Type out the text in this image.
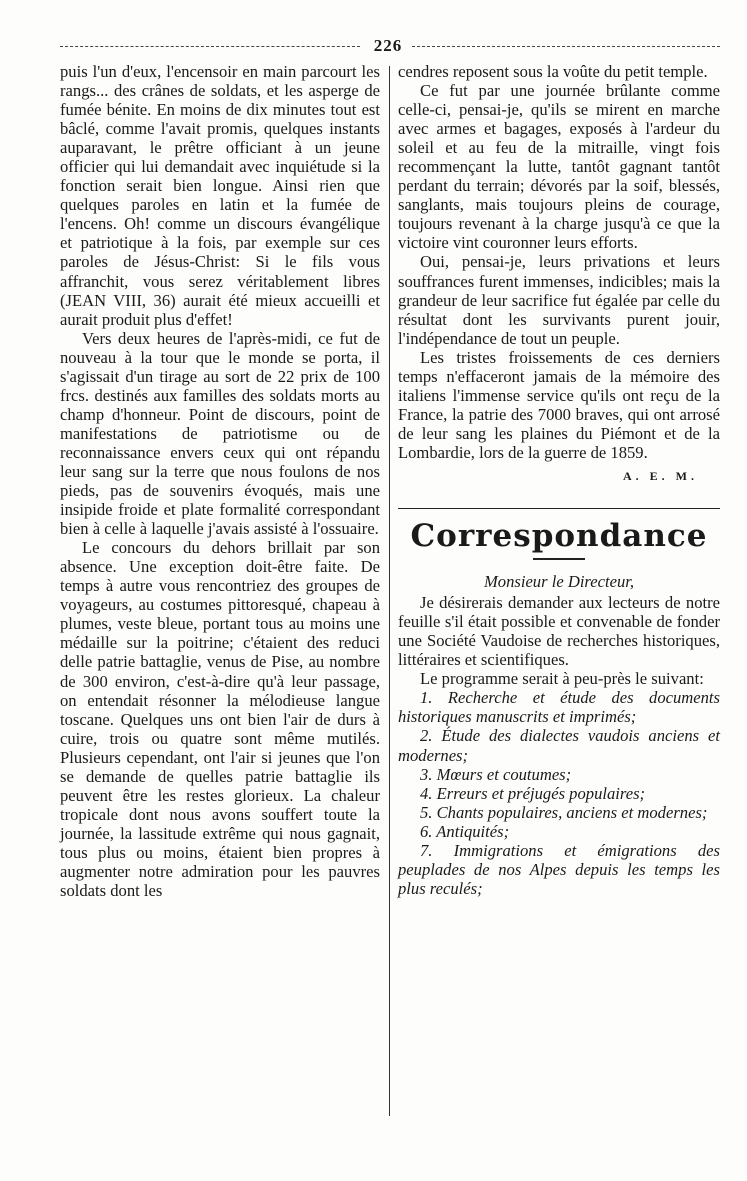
226

puis l'un d'eux, l'encensoir en main parcourt les rangs... des crânes de soldats, et les asperge de fumée bénite. En moins de dix minutes tout est bâclé, comme l'avait promis, quelques instants auparavant, le prêtre officiant à un jeune officier qui lui demandait avec inquiétude si la fonction serait bien longue. Ainsi rien que quelques paroles en latin et la fumée de l'encens. Oh! comme un discours évangélique et patriotique à la fois, par exemple sur ces paroles de Jésus-Christ: Si le fils vous affranchit, vous serez véritablement libres (JEAN VIII, 36) aurait été mieux accueilli et aurait produit plus d'effet!

Vers deux heures de l'après-midi, ce fut de nouveau à la tour que le monde se porta, il s'agissait d'un tirage au sort de 22 prix de 100 frcs. destinés aux familles des soldats morts au champ d'honneur. Point de discours, point de manifestations de patriotisme ou de reconnaissance envers ceux qui ont répandu leur sang sur la terre que nous foulons de nos pieds, pas de souvenirs évoqués, mais une insipide froide et plate formalité correspondant bien à celle à laquelle j'avais assisté à l'ossuaire.

Le concours du dehors brillait par son absence. Une exception doit-être faite. De temps à autre vous rencontriez des groupes de voyageurs, au costumes pittoresqué, chapeau à plumes, veste bleue, portant tous au moins une médaille sur la poitrine; c'étaient des reduci delle patrie battaglie, venus de Pise, au nombre de 300 environ, c'est-à-dire qu'à leur passage, on entendait résonner la mélodieuse langue toscane. Quelques uns ont bien l'air de durs à cuire, trois ou quatre sont même mutilés. Plusieurs cependant, ont l'air si jeunes que l'on se demande de quelles patrie battaglie ils peuvent être les restes glorieux. La chaleur tropicale dont nous avons souffert toute la journée, la lassitude extrême qui nous gagnait, tous plus ou moins, étaient bien propres à augmenter notre admiration pour les pauvres soldats dont les

cendres reposent sous la voûte du petit temple.

Ce fut par une journée brûlante comme celle-ci, pensai-je, qu'ils se mirent en marche avec armes et bagages, exposés à l'ardeur du soleil et au feu de la mitraille, vingt fois recommençant la lutte, tantôt gagnant tantôt perdant du terrain; dévorés par la soif, blessés, sanglants, mais toujours pleins de courage, toujours revenant à la charge jusqu'à ce que la victoire vint couronner leurs efforts.

Oui, pensai-je, leurs privations et leurs souffrances furent immenses, indicibles; mais la grandeur de leur sacrifice fut égalée par celle du résultat dont les survivants purent jouir, l'indépendance de tout un peuple.

Les tristes froissements de ces derniers temps n'effaceront jamais de la mémoire des italiens l'immense service qu'ils ont reçu de la France, la patrie des 7000 braves, qui ont arrosé de leur sang les plaines du Piémont et de la Lombardie, lors de la guerre de 1859.

A. E. M.

Correspondance

Monsieur le Directeur,

Je désirerais demander aux lecteurs de notre feuille s'il était possible et convenable de fonder une Société Vaudoise de recherches historiques, littéraires et scientifiques.

Le programme serait à peu-près le suivant:

1. Recherche et étude des documents historiques manuscrits et imprimés;

2. Étude des dialectes vaudois anciens et modernes;

3. Mœurs et coutumes;

4. Erreurs et préjugés populaires;

5. Chants populaires, anciens et modernes;

6. Antiquités;

7. Immigrations et émigrations des peuplades de nos Alpes depuis les temps les plus reculés;
